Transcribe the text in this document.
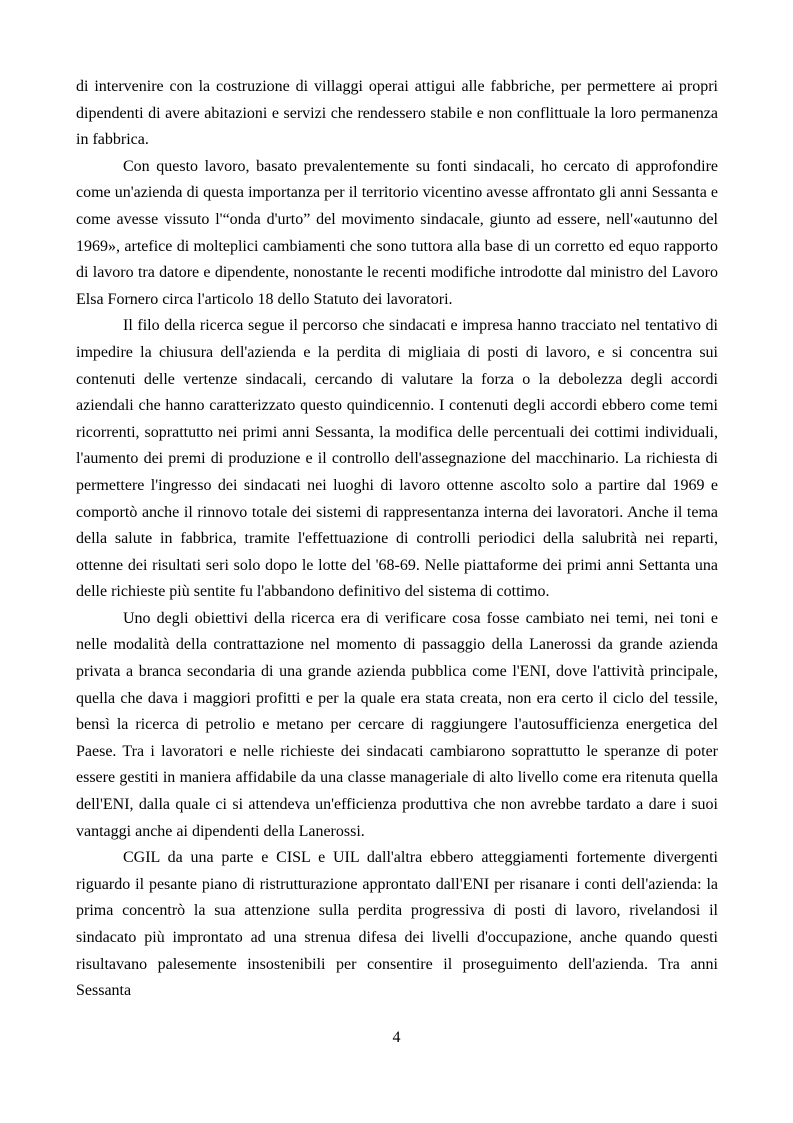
di intervenire con la costruzione di villaggi operai attigui alle fabbriche, per permettere ai propri dipendenti di avere abitazioni e servizi che rendessero stabile e non conflittuale la loro permanenza in fabbrica.

Con questo lavoro, basato prevalentemente su fonti sindacali, ho cercato di approfondire come un'azienda di questa importanza per il territorio vicentino avesse affrontato gli anni Sessanta e come avesse vissuto l'“onda d'urto” del movimento sindacale, giunto ad essere, nell'«autunno del 1969», artefice di molteplici cambiamenti che sono tuttora alla base di un corretto ed equo rapporto di lavoro tra datore e dipendente, nonostante le recenti modifiche introdotte dal ministro del Lavoro Elsa Fornero circa l'articolo 18 dello Statuto dei lavoratori.

Il filo della ricerca segue il percorso che sindacati e impresa hanno tracciato nel tentativo di impedire la chiusura dell'azienda e la perdita di migliaia di posti di lavoro, e si concentra sui contenuti delle vertenze sindacali, cercando di valutare la forza o la debolezza degli accordi aziendali che hanno caratterizzato questo quindicennio. I contenuti degli accordi ebbero come temi ricorrenti, soprattutto nei primi anni Sessanta, la modifica delle percentuali dei cottimi individuali, l'aumento dei premi di produzione e il controllo dell'assegnazione del macchinario. La richiesta di permettere l'ingresso dei sindacati nei luoghi di lavoro ottenne ascolto solo a partire dal 1969 e comportò anche il rinnovo totale dei sistemi di rappresentanza interna dei lavoratori. Anche il tema della salute in fabbrica, tramite l'effettuazione di controlli periodici della salubrità nei reparti, ottenne dei risultati seri solo dopo le lotte del '68-69. Nelle piattaforme dei primi anni Settanta una delle richieste più sentite fu l'abbandono definitivo del sistema di cottimo.

Uno degli obiettivi della ricerca era di verificare cosa fosse cambiato nei temi, nei toni e nelle modalità della contrattazione nel momento di passaggio della Lanerossi da grande azienda privata a branca secondaria di una grande azienda pubblica come l'ENI, dove l'attività principale, quella che dava i maggiori profitti e per la quale era stata creata, non era certo il ciclo del tessile, bensì la ricerca di petrolio e metano per cercare di raggiungere l'autosufficienza energetica del Paese. Tra i lavoratori e nelle richieste dei sindacati cambiarono soprattutto le speranze di poter essere gestiti in maniera affidabile da una classe manageriale di alto livello come era ritenuta quella dell'ENI, dalla quale ci si attendeva un'efficienza produttiva che non avrebbe tardato a dare i suoi vantaggi anche ai dipendenti della Lanerossi.

CGIL da una parte e CISL e UIL dall'altra ebbero atteggiamenti fortemente divergenti riguardo il pesante piano di ristrutturazione approntato dall'ENI per risanare i conti dell'azienda: la prima concentrò la sua attenzione sulla perdita progressiva di posti di lavoro, rivelandosi il sindacato più improntato ad una strenua difesa dei livelli d'occupazione, anche quando questi risultavano palesemente insostenibili per consentire il proseguimento dell'azienda. Tra anni Sessanta

4
